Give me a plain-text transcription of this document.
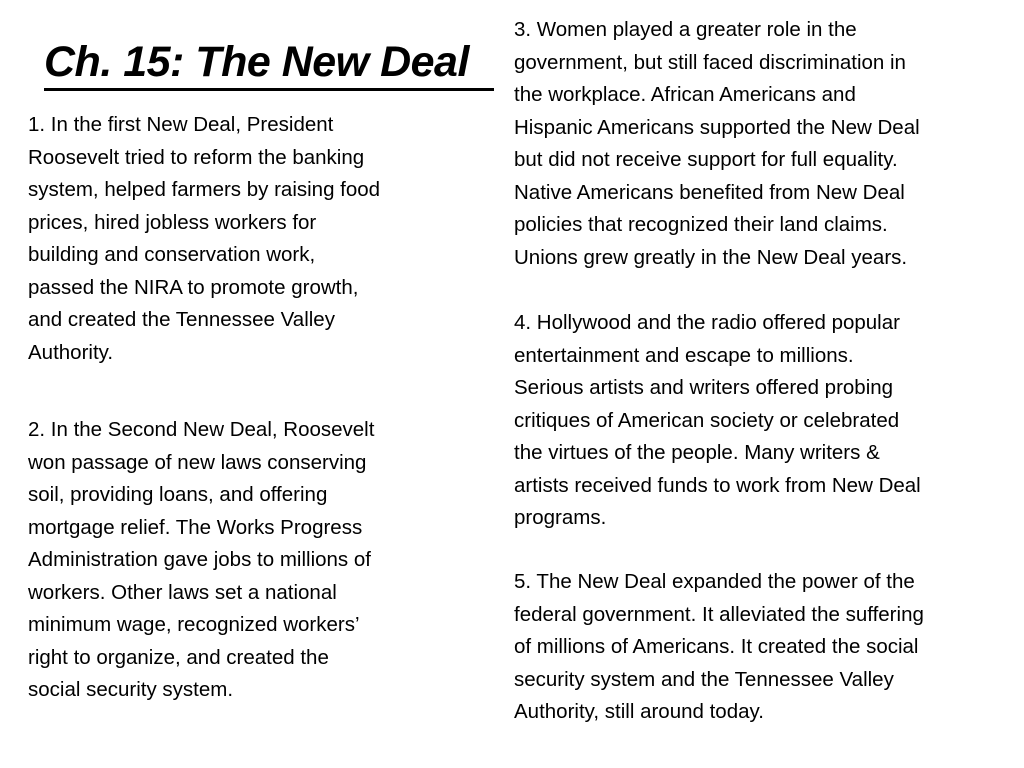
Ch. 15: The New Deal
1. In the first New Deal, President
Roosevelt tried to reform the banking
system, helped farmers by raising food
prices, hired jobless workers for
building and conservation work,
passed the NIRA to promote growth,
and created the Tennessee Valley
Authority.
2. In the Second New Deal, Roosevelt
won passage of new laws conserving
soil, providing loans, and offering
mortgage relief. The Works Progress
Administration gave jobs to millions of
workers. Other laws set a national
minimum wage, recognized workers’
right to organize, and created the
social security system.
3. Women played a greater role in the
government, but still faced discrimination in
the workplace. African Americans and
Hispanic Americans supported the New Deal
but did not receive support for full equality.
Native Americans benefited from New Deal
policies that recognized their land claims.
Unions grew greatly in the New Deal years.
4. Hollywood and the radio offered popular
entertainment and escape to millions.
Serious artists and writers offered probing
critiques of American society or celebrated
the virtues of the people. Many writers &
artists received funds to work from New Deal
programs.
5. The New Deal expanded the power of the
federal government. It alleviated the suffering
of millions of Americans. It created the social
security system and the Tennessee Valley
Authority, still around today.
